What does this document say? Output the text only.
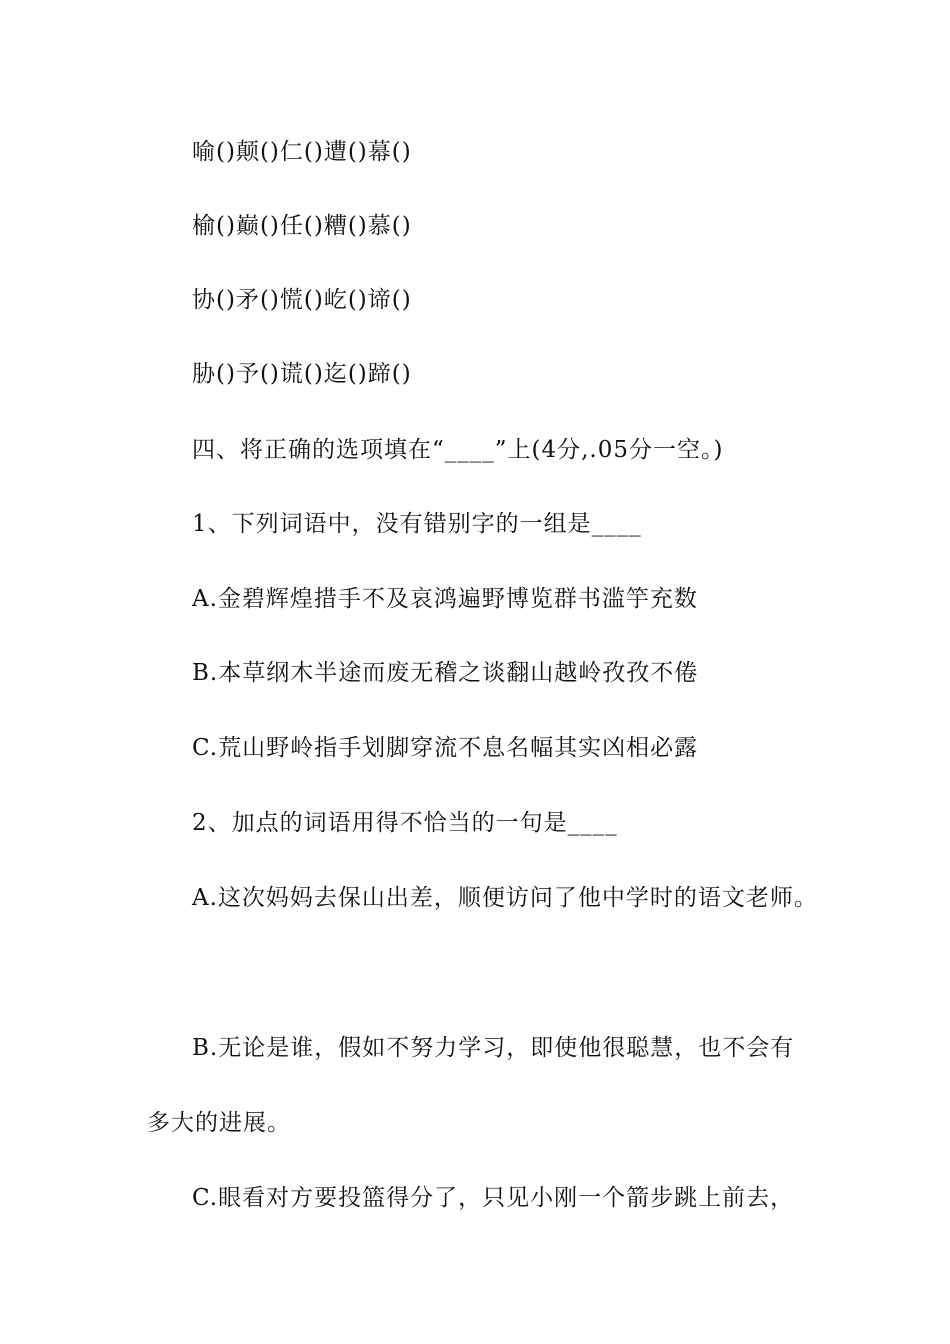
喻()颠()仁()遭()幕()
榆()巅()任()糟()慕()
协()矛()慌()屹()谛()
胁()予()谎()迄()蹄()
四、将正确的选项填在“____”上(4分,.05分一空。)
1、下列词语中，没有错别字的一组是____
A.金碧辉煌措手不及哀鸿遍野博览群书滥竽充数
B.本草纲木半途而废无稽之谈翻山越岭孜孜不倦
C.荒山野岭指手划脚穿流不息名幅其实凶相必露
2、加点的词语用得不恰当的一句是____
A.这次妈妈去保山出差，顺便访问了他中学时的语文老师。
B.无论是谁，假如不努力学习，即使他很聪慧，也不会有
多大的进展。
C.眼看对方要投篮得分了，只见小刚一个箭步跳上前去，
